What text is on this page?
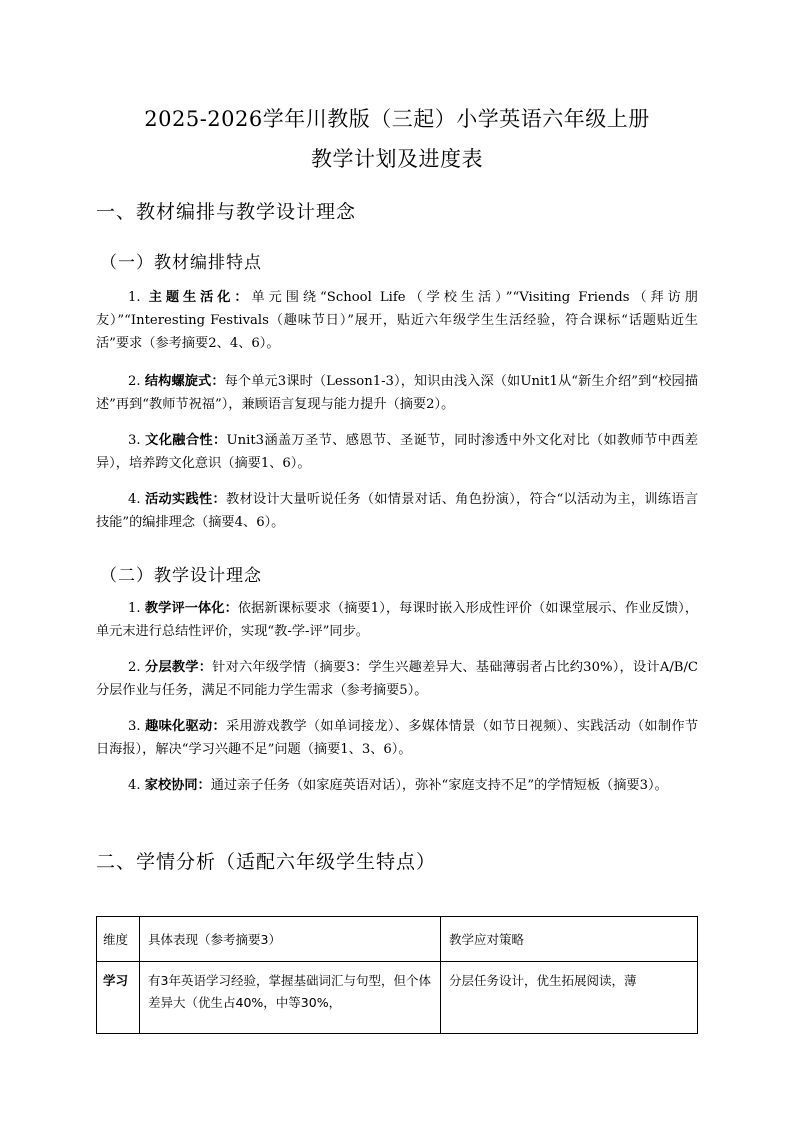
2025-2026学年川教版（三起）小学英语六年级上册
教学计划及进度表
一、教材编排与教学设计理念
（一）教材编排特点
1. 主题生活化：单元围绕“School Life（学校生活）”“Visiting Friends（拜访朋友）”“Interesting Festivals（趣味节日）”展开，贴近六年级学生生活经验，符合课标“话题贴近生活”要求（参考摘要2、4、6）。
2. 结构螺旋式：每个单元3课时（Lesson1-3），知识由浅入深（如Unit1从“新生介绍”到“校园描述”再到“教师节祝福”），兼顾语言复现与能力提升（摘要2）。
3. 文化融合性：Unit3涵盖万圣节、感恩节、圣诞节，同时渗透中外文化对比（如教师节中西差异），培养跨文化意识（摘要1、6）。
4. 活动实践性：教材设计大量听说任务（如情景对话、角色扮演），符合“以活动为主，训练语言技能”的编排理念（摘要4、6）。
（二）教学设计理念
1. 教学评一体化：依据新课标要求（摘要1），每课时嵌入形成性评价（如课堂展示、作业反馈），单元末进行总结性评价，实现“教-学-评”同步。
2. 分层教学：针对六年级学情（摘要3：学生兴趣差异大、基础薄弱者占比约30%），设计A/B/C分层作业与任务，满足不同能力学生需求（参考摘要5）。
3. 趣味化驱动：采用游戏教学（如单词接龙）、多媒体情景（如节日视频）、实践活动（如制作节日海报），解决“学习兴趣不足”问题（摘要1、3、6）。
4. 家校协同：通过亲子任务（如家庭英语对话），弥补“家庭支持不足”的学情短板（摘要3）。
二、学情分析（适配六年级学生特点）
维度	具体表现（参考摘要3）	教学应对策略
学习	有3年英语学习经验，掌握基础词汇与句型，但个体差异大（优生占40%，中等30%，	分层任务设计，优生拓展阅读，薄
